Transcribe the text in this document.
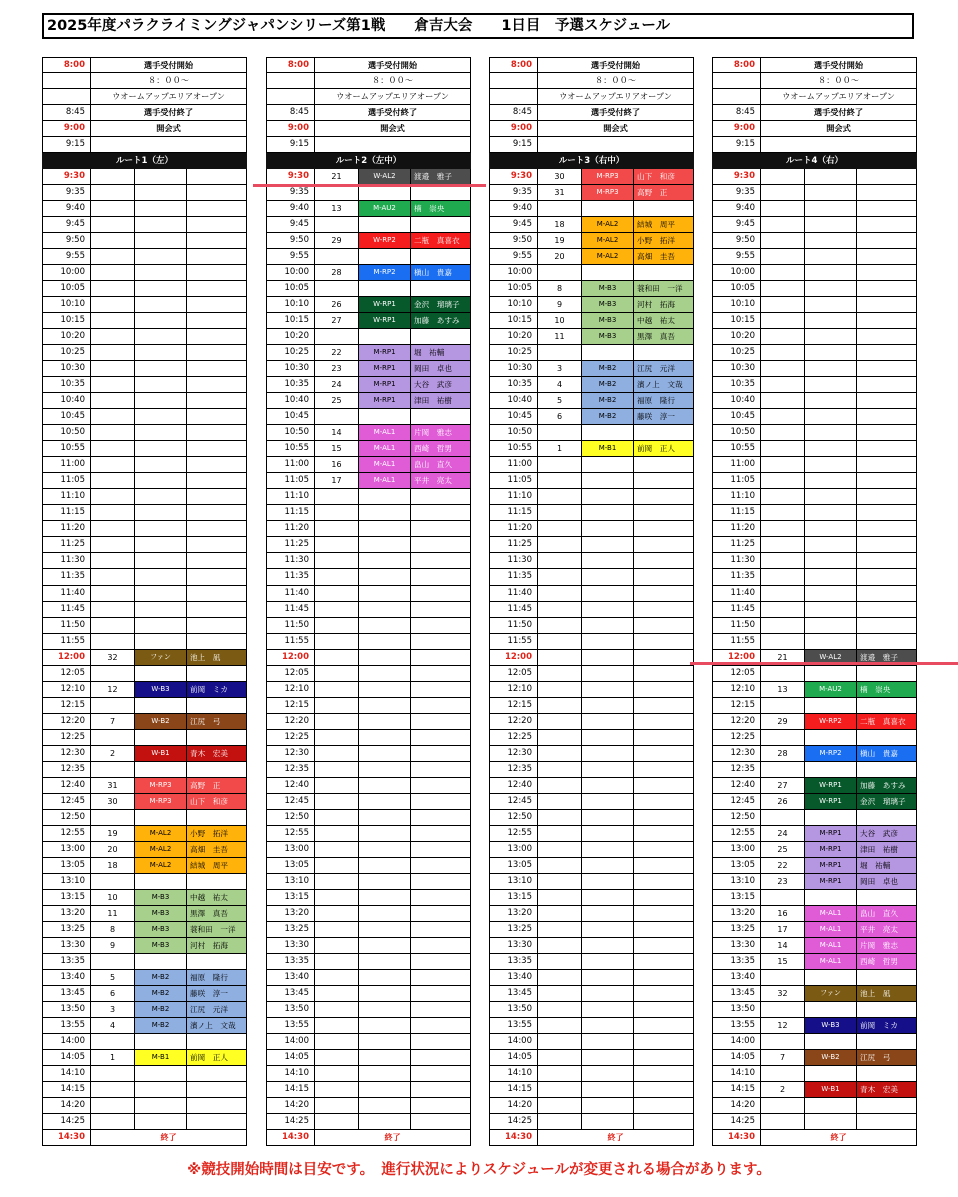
2025年度パラクライミングジャパンシリーズ第1戦　　倉吉大会　　1日目　予選スケジュール
8:00	選手受付開始
８：００～
ウオームアップエリアオープン
8:45	選手受付終了
9:00	開会式
9:15
ルート1（左）
9:30
9:35
9:40
9:45
9:50
9:55
10:00
10:05
10:10
10:15
10:20
10:25
10:30
10:35
10:40
10:45
10:50
10:55
11:00
11:05
11:10
11:15
11:20
11:25
11:30
11:35
11:40
11:45
11:50
11:55
12:00	32	ファン	池上　凪
12:05
12:10	12	W-B3	前岡　ミカ
12:15
12:20	7	W-B2	江尻　弓
12:25
12:30	2	W-B1	青木　宏美
12:35
12:40	31	M-RP3	高野　正
12:45	30	M-RP3	山下　和彦
12:50
12:55	19	M-AL2	小野　拓洋
13:00	20	M-AL2	高畑　圭吾
13:05	18	M-AL2	結城　周平
13:10
13:15	10	M-B3	中越　祐太
13:20	11	M-B3	黒澤　真吾
13:25	8	M-B3	蓑和田　一洋
13:30	9	M-B3	河村　拓海
13:35
13:40	5	M-B2	福原　隆行
13:45	6	M-B2	藤咲　淳一
13:50	3	M-B2	江尻　元洋
13:55	4	M-B2	濱ノ上　文哉
14:00
14:05	1	M-B1	前岡　正人
14:10
14:15
14:20
14:25
14:30	終了
8:00	選手受付開始
８：００～
ウオームアップエリアオープン
8:45	選手受付終了
9:00	開会式
9:15
ルート2（左中）
9:30	21	W-AL2	渡邉　雅子
9:35
9:40	13	M-AU2	楠　崇央
9:45
9:50	29	W-RP2	二瓶　真喜衣
9:55
10:00	28	M-RP2	槇山　貴嘉
10:05
10:10	26	W-RP1	金沢　瑠璃子
10:15	27	W-RP1	加藤　あすみ
10:20
10:25	22	M-RP1	堀　祐輔
10:30	23	M-RP1	岡田　卓也
10:35	24	M-RP1	大谷　武彦
10:40	25	M-RP1	津田　祐樹
10:45
10:50	14	M-AL1	片岡　雅志
10:55	15	M-AL1	西崎　哲男
11:00	16	M-AL1	畠山　直久
11:05	17	M-AL1	平井　亮太
11:10
11:15
11:20
11:25
11:30
11:35
11:40
11:45
11:50
11:55
12:00
12:05
12:10
12:15
12:20
12:25
12:30
12:35
12:40
12:45
12:50
12:55
13:00
13:05
13:10
13:15
13:20
13:25
13:30
13:35
13:40
13:45
13:50
13:55
14:00
14:05
14:10
14:15
14:20
14:25
14:30	終了
8:00	選手受付開始
８：００～
ウオームアップエリアオープン
8:45	選手受付終了
9:00	開会式
9:15
ルート3（右中）
9:30	30	M-RP3	山下　和彦
9:35	31	M-RP3	高野　正
9:40
9:45	18	M-AL2	結城　周平
9:50	19	M-AL2	小野　拓洋
9:55	20	M-AL2	高畑　圭吾
10:00
10:05	8	M-B3	蓑和田　一洋
10:10	9	M-B3	河村　拓海
10:15	10	M-B3	中越　祐太
10:20	11	M-B3	黒澤　真吾
10:25
10:30	3	M-B2	江尻　元洋
10:35	4	M-B2	濱ノ上　文哉
10:40	5	M-B2	福原　隆行
10:45	6	M-B2	藤咲　淳一
10:50
10:55	1	M-B1	前岡　正人
11:00
11:05
11:10
11:15
11:20
11:25
11:30
11:35
11:40
11:45
11:50
11:55
12:00
12:05
12:10
12:15
12:20
12:25
12:30
12:35
12:40
12:45
12:50
12:55
13:00
13:05
13:10
13:15
13:20
13:25
13:30
13:35
13:40
13:45
13:50
13:55
14:00
14:05
14:10
14:15
14:20
14:25
14:30	終了
8:00	選手受付開始
８：００～
ウオームアップエリアオープン
8:45	選手受付終了
9:00	開会式
9:15
ルート4（右）
9:30
9:35
9:40
9:45
9:50
9:55
10:00
10:05
10:10
10:15
10:20
10:25
10:30
10:35
10:40
10:45
10:50
10:55
11:00
11:05
11:10
11:15
11:20
11:25
11:30
11:35
11:40
11:45
11:50
11:55
12:00	21	W-AL2	渡邉　雅子
12:05
12:10	13	M-AU2	楠　崇央
12:15
12:20	29	W-RP2	二瓶　真喜衣
12:25
12:30	28	M-RP2	槇山　貴嘉
12:35
12:40	27	W-RP1	加藤　あすみ
12:45	26	W-RP1	金沢　瑠璃子
12:50
12:55	24	M-RP1	大谷　武彦
13:00	25	M-RP1	津田　祐樹
13:05	22	M-RP1	堀　祐輔
13:10	23	M-RP1	岡田　卓也
13:15
13:20	16	M-AL1	畠山　直久
13:25	17	M-AL1	平井　亮太
13:30	14	M-AL1	片岡　雅志
13:35	15	M-AL1	西崎　哲男
13:40
13:45	32	ファン	池上　凪
13:50
13:55	12	W-B3	前岡　ミカ
14:00
14:05	7	W-B2	江尻　弓
14:10
14:15	2	W-B1	青木　宏美
14:20
14:25
14:30	終了
※競技開始時間は目安です。　進行状況によりスケジュールが変更される場合があります。
